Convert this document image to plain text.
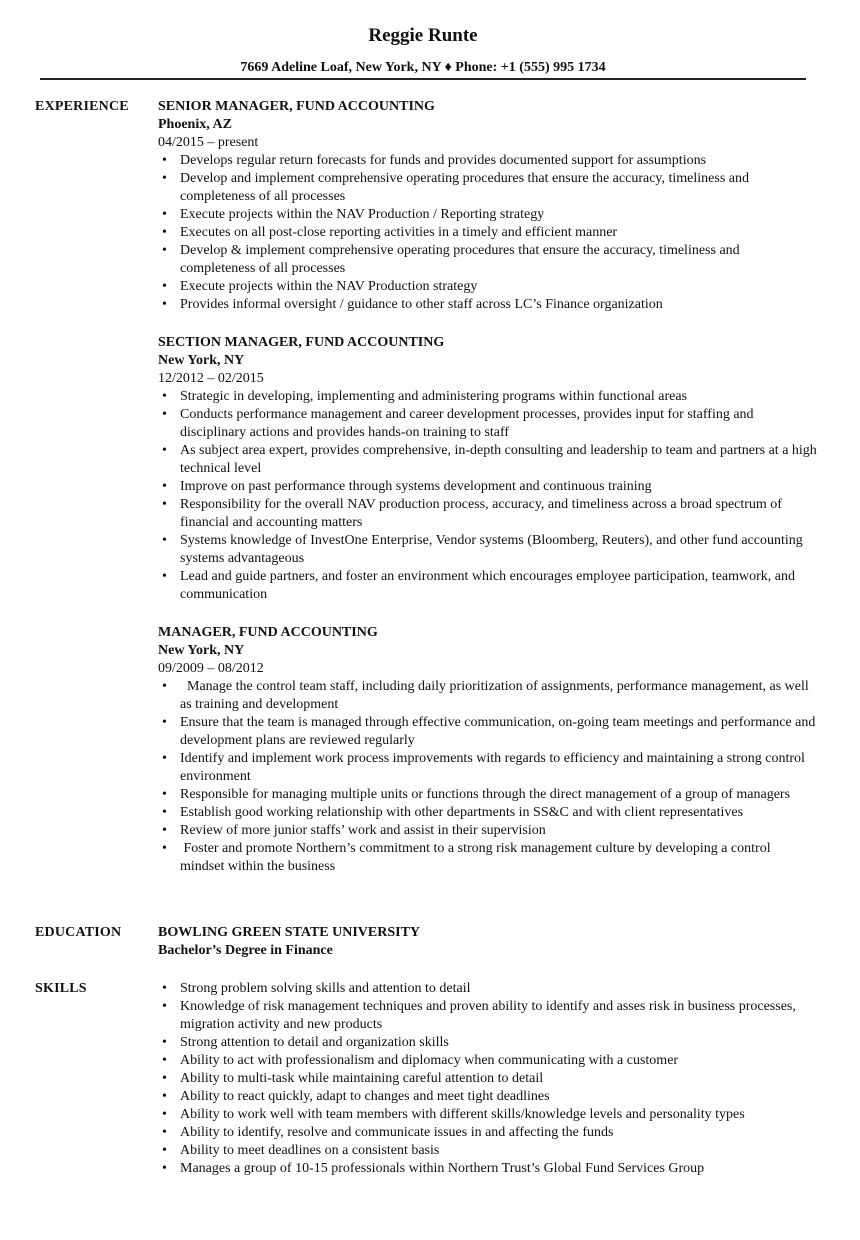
Reggie Runte
7669 Adeline Loaf, New York, NY ♦ Phone: +1 (555) 995 1734
EXPERIENCE SENIOR MANAGER, FUND ACCOUNTING
Phoenix, AZ
04/2015 – present
• Develops regular return forecasts for funds and provides documented support for assumptions
• Develop and implement comprehensive operating procedures that ensure the accuracy, timeliness and completeness of all processes
• Execute projects within the NAV Production / Reporting strategy
• Executes on all post-close reporting activities in a timely and efficient manner
• Develop & implement comprehensive operating procedures that ensure the accuracy, timeliness and completeness of all processes
• Execute projects within the NAV Production strategy
• Provides informal oversight / guidance to other staff across LC’s Finance organization
SECTION MANAGER, FUND ACCOUNTING
New York, NY
12/2012 – 02/2015
• Strategic in developing, implementing and administering programs within functional areas
• Conducts performance management and career development processes, provides input for staffing and disciplinary actions and provides hands-on training to staff
• As subject area expert, provides comprehensive, in-depth consulting and leadership to team and partners at a high technical level
• Improve on past performance through systems development and continuous training
• Responsibility for the overall NAV production process, accuracy, and timeliness across a broad spectrum of financial and accounting matters
• Systems knowledge of InvestOne Enterprise, Vendor systems (Bloomberg, Reuters), and other fund accounting systems advantageous
• Lead and guide partners, and foster an environment which encourages employee participation, teamwork, and communication
MANAGER, FUND ACCOUNTING
New York, NY
09/2009 – 08/2012
•   Manage the control team staff, including daily prioritization of assignments, performance management, as well as training and development
• Ensure that the team is managed through effective communication, on-going team meetings and performance and development plans are reviewed regularly
• Identify and implement work process improvements with regards to efficiency and maintaining a strong control environment
• Responsible for managing multiple units or functions through the direct management of a group of managers
• Establish good working relationship with other departments in SS&C and with client representatives
• Review of more junior staffs’ work and assist in their supervision
•  Foster and promote Northern’s commitment to a strong risk management culture by developing a control mindset within the business
EDUCATION	BOWLING GREEN STATE UNIVERSITY
Bachelor’s Degree in Finance
SKILLS
•	Strong problem solving skills and attention to detail
• Knowledge of risk management techniques and proven ability to identify and asses risk in business processes, migration activity and new products
• Strong attention to detail and organization skills
• Ability to act with professionalism and diplomacy when communicating with a customer
• Ability to multi-task while maintaining careful attention to detail
• Ability to react quickly, adapt to changes and meet tight deadlines
• Ability to work well with team members with different skills/knowledge levels and personality types
• Ability to identify, resolve and communicate issues in and affecting the funds
• Ability to meet deadlines on a consistent basis
• Manages a group of 10-15 professionals within Northern Trust’s Global Fund Services Group
